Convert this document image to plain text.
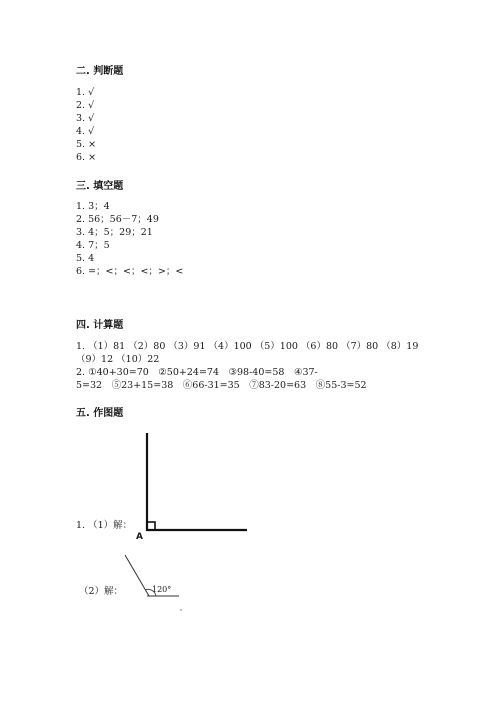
二. 判断题
1. √
2. √
3. √
4. √
5. ×
6. ×
三. 填空题
1. 3；4
2. 56；56－7；49
3. 4；5；29；21
4. 7；5
5. 4
6. =；<；<；<；>；<
四. 计算题
1. （1）81 （2）80 （3）91 （4）100 （5）100 （6）80 （7）80 （8）19
（9）12 （10）22
2. ①40+30=70　②50+24=74　③98-40=58　④37-
5=32　⑤23+15=38　⑥66-31=35　⑦83-20=63　⑧55-3=52
五. 作图题
1. （1）解：
A
（2）解：	120°
